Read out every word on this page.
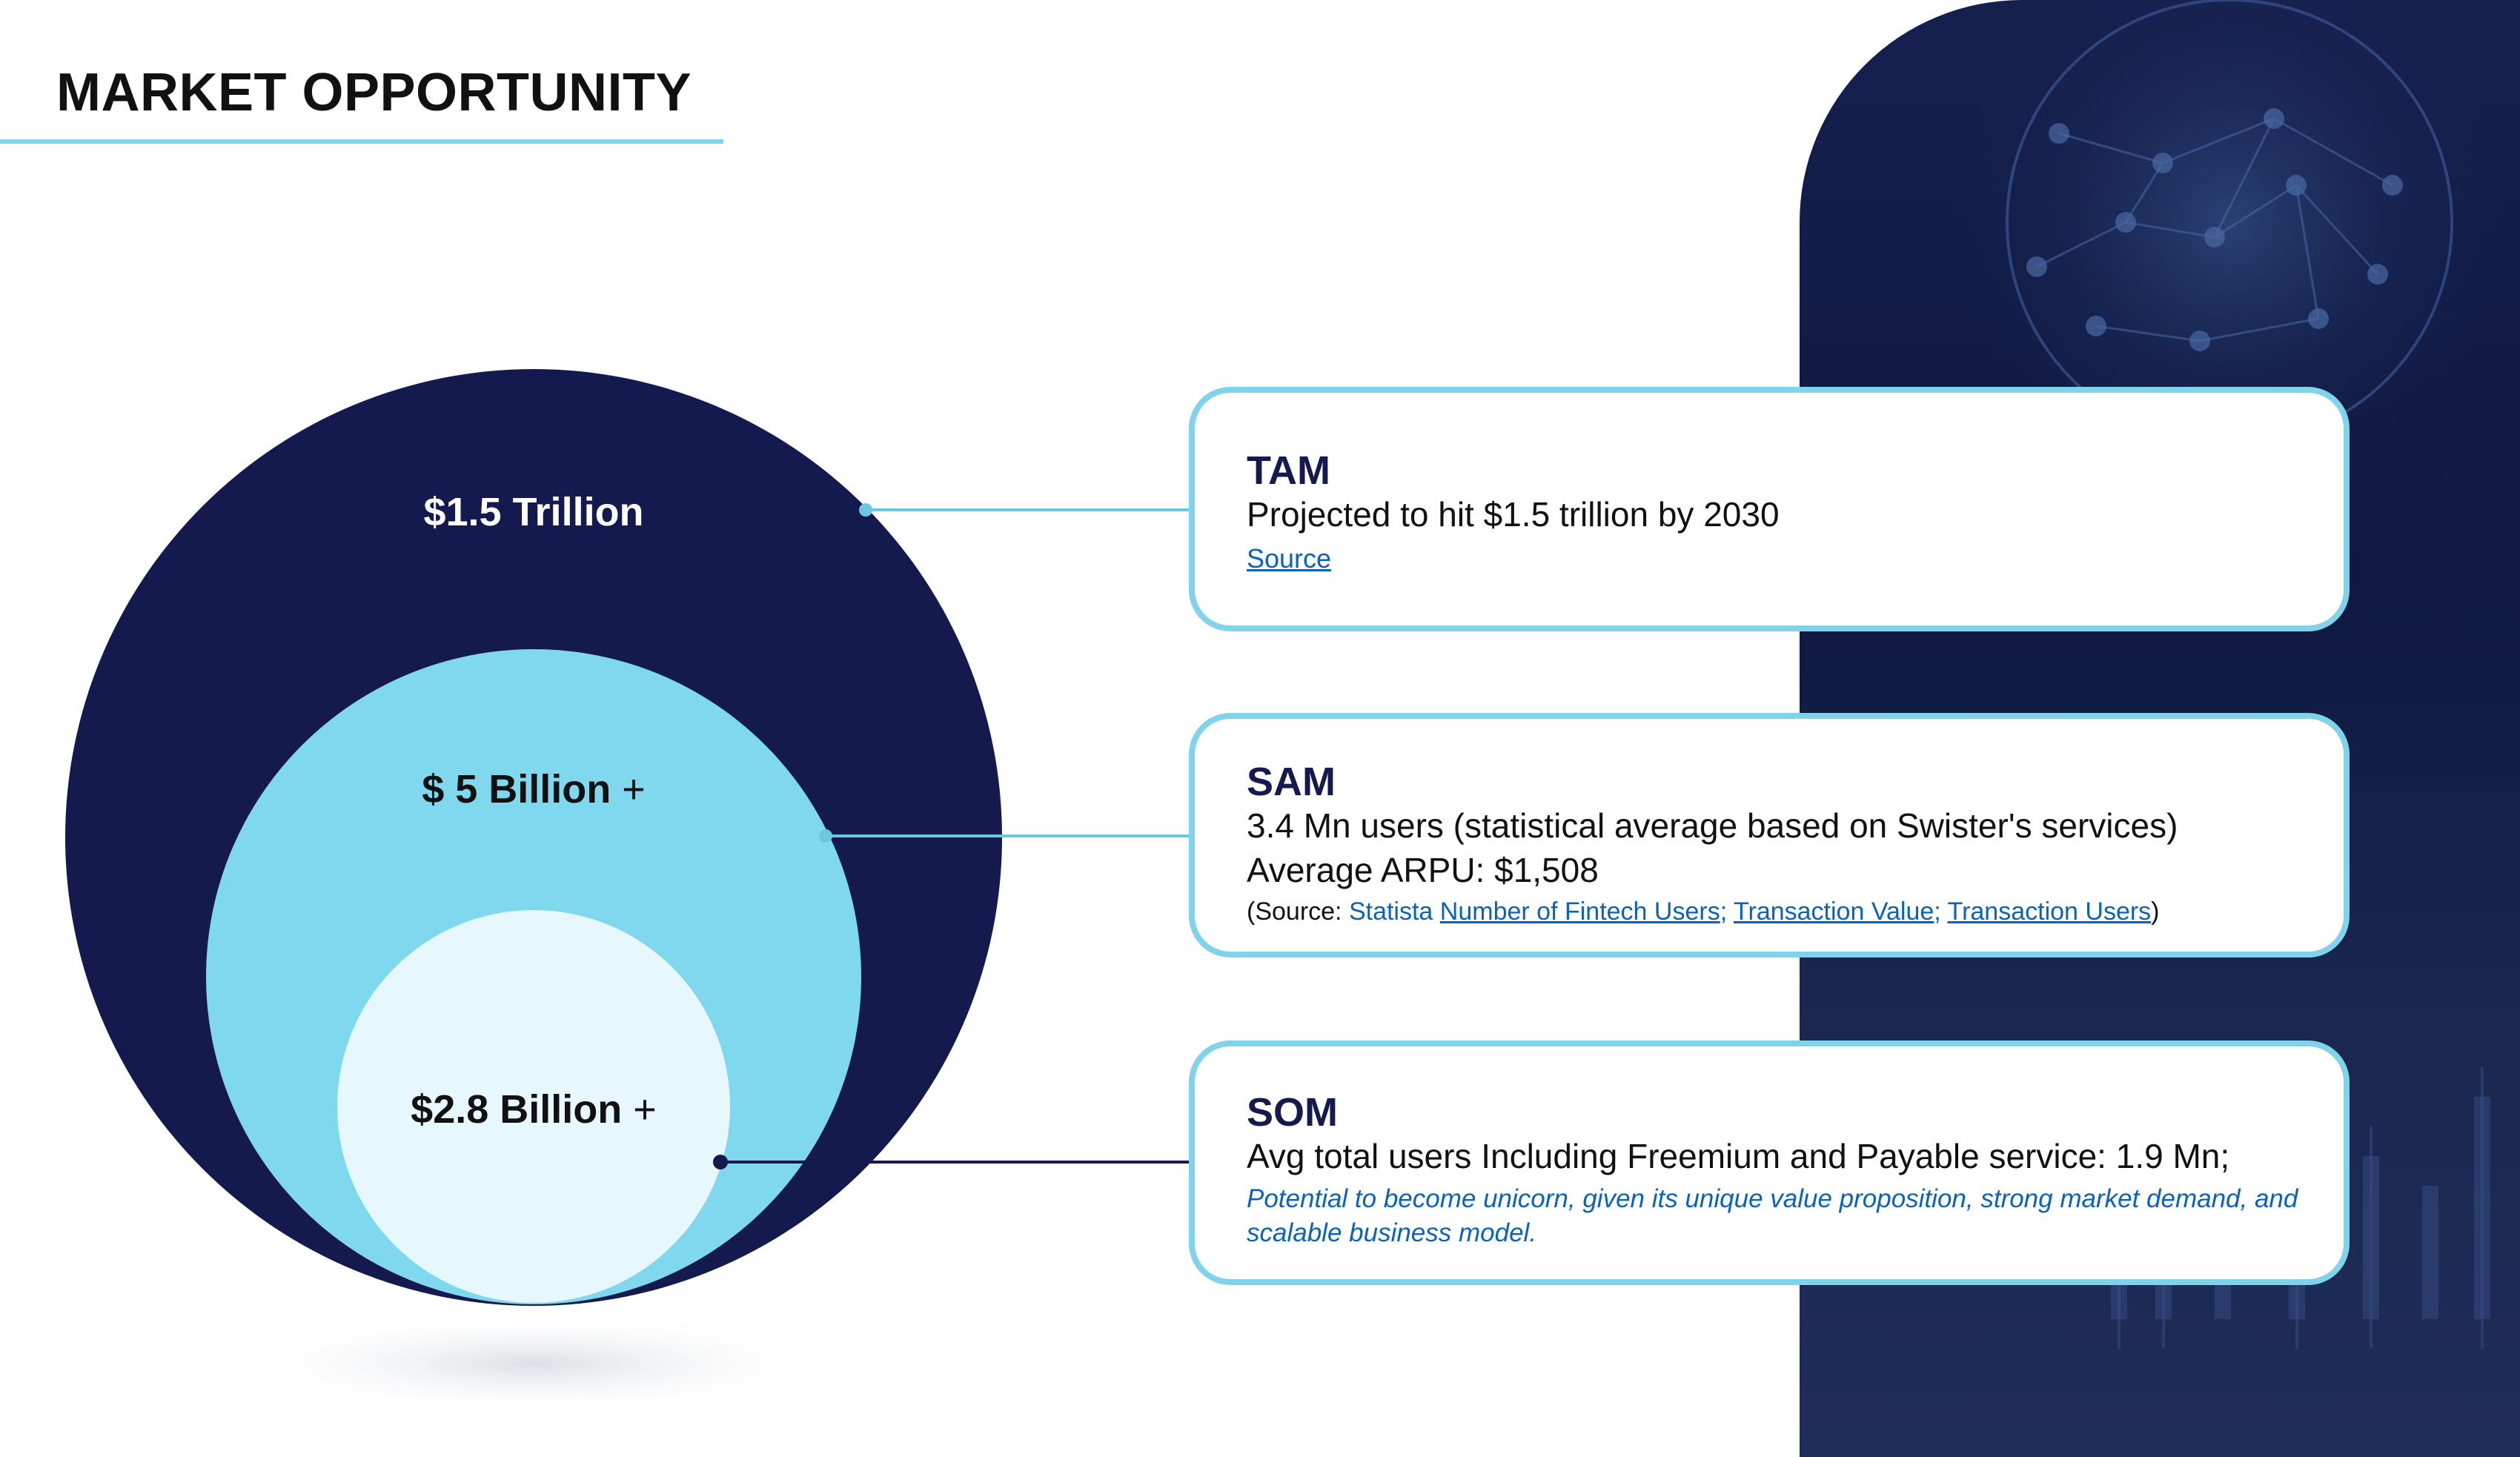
MARKET OPPORTUNITY
$1.5 Trillion
$ 5 Billion +
$2.8 Billion +
TAM
Projected to hit $1.5 trillion by 2030
Source
SAM
3.4 Mn users (statistical average based on Swister's services)
Average ARPU: $1,508
(Source: Statista Number of Fintech Users; Transaction Value; Transaction Users)
SOM
Avg total users Including Freemium and Payable service: 1.9 Mn;
Potential to become unicorn, given its unique value proposition, strong market demand, and scalable business model.
